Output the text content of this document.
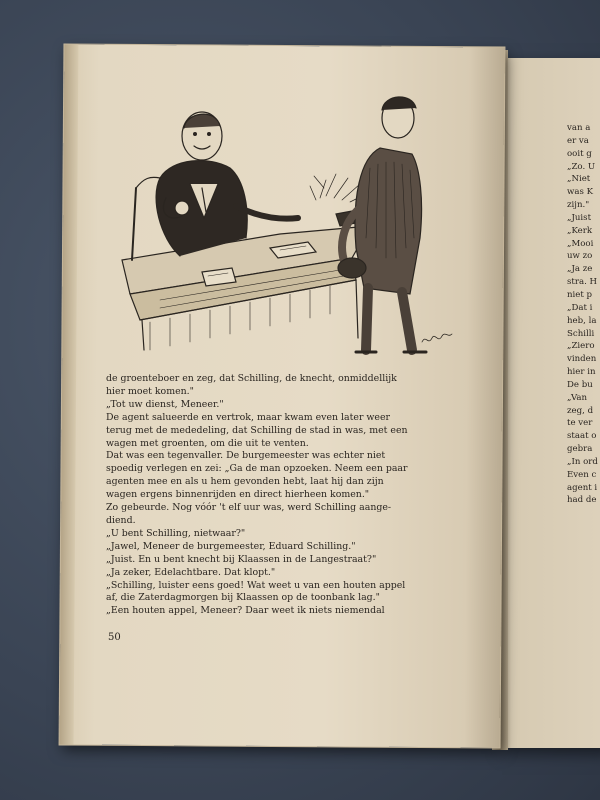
van a
er va
ooit g
„Zo. U
„Niet
was K
zijn."
„Juist
„Kerk
„Mooi
uw zo
„Ja ze
stra. H
niet p
„Dat i
heb, la
Schilli
„Ziero
vinden
hier in
De bu
„Van
zeg, d
te ver
staat o
gebra
„In ord
Even c
agent i
had de
de groenteboer en zeg, dat Schilling, de knecht, onmiddellijk
hier moet komen."
„Tot uw dienst, Meneer."
De agent salueerde en vertrok, maar kwam even later weer
terug met de mededeling, dat Schilling de stad in was, met een
wagen met groenten, om die uit te venten.
Dat was een tegenvaller. De burgemeester was echter niet
spoedig verlegen en zei: „Ga de man opzoeken. Neem een paar
agenten mee en als u hem gevonden hebt, laat hij dan zijn
wagen ergens binnenrijden en direct hierheen komen."
Zo gebeurde. Nog vóór 't elf uur was, werd Schilling aange-
diend.
„U bent Schilling, nietwaar?"
„Jawel, Meneer de burgemeester, Eduard Schilling."
„Juist. En u bent knecht bij Klaassen in de Langestraat?"
„Ja zeker, Edelachtbare. Dat klopt."
„Schilling, luister eens goed! Wat weet u van een houten appel
af, die Zaterdagmorgen bij Klaassen op de toonbank lag."
„Een houten appel, Meneer? Daar weet ik niets niemendal
50
